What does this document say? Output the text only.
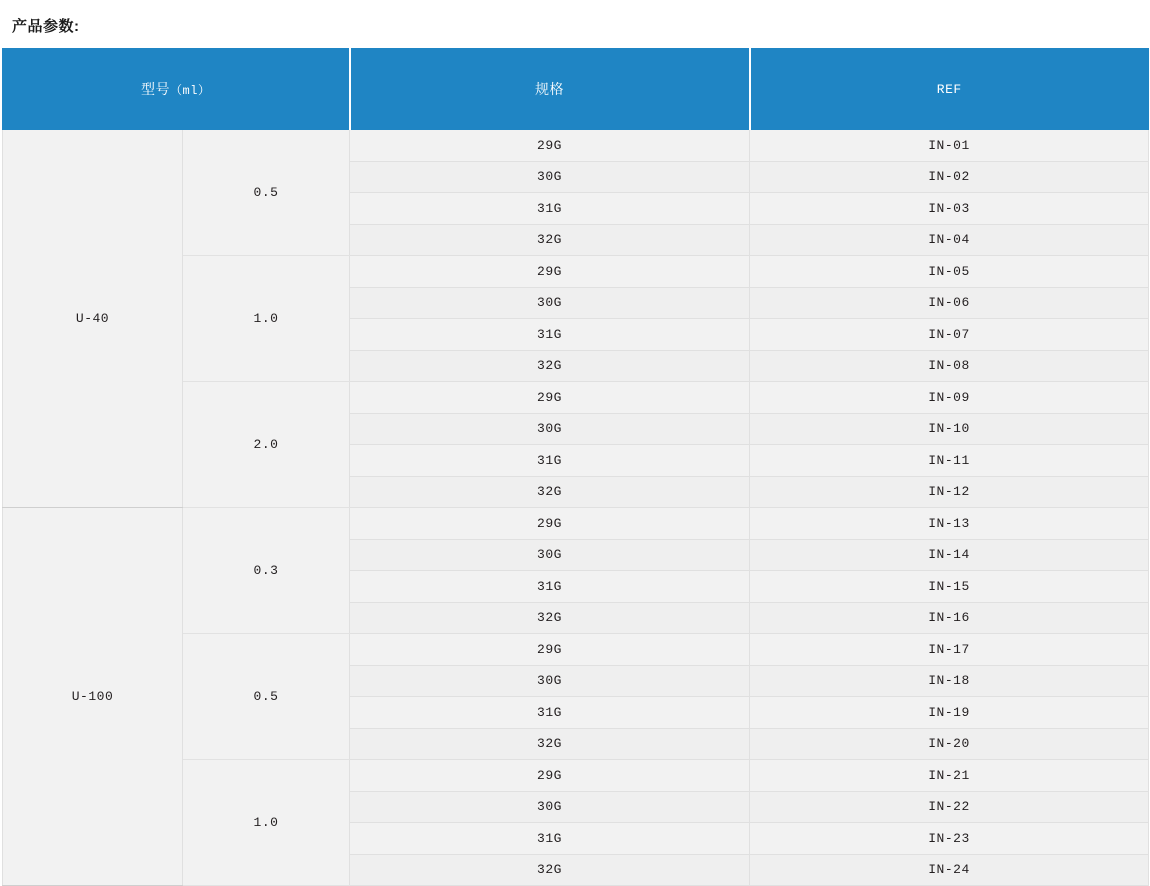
产品参数:
型号（ml）		规格	REF
U-40	0.5	29G	IN-01
		30G	IN-02
		31G	IN-03
		32G	IN-04
	1.0	29G	IN-05
		30G	IN-06
		31G	IN-07
		32G	IN-08
	2.0	29G	IN-09
		30G	IN-10
		31G	IN-11
		32G	IN-12
U-100	0.3	29G	IN-13
		30G	IN-14
		31G	IN-15
		32G	IN-16
	0.5	29G	IN-17
		30G	IN-18
		31G	IN-19
		32G	IN-20
	1.0	29G	IN-21
		30G	IN-22
		31G	IN-23
		32G	IN-24
